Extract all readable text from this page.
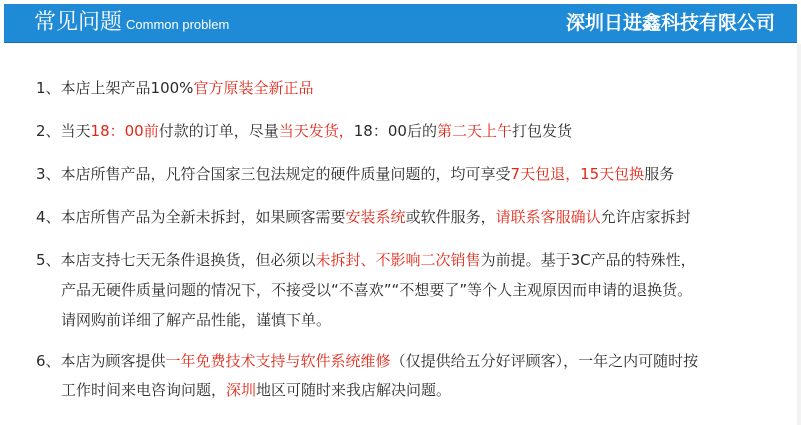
常见问题 Common problem	深圳日进鑫科技有限公司
1、本店上架产品100%官方原装全新正品
2、当天18：00前付款的订单，尽量当天发货，18：00后的第二天上午打包发货
3、本店所售产品，凡符合国家三包法规定的硬件质量问题的，均可享受7天包退，15天包换服务
4、本店所售产品为全新未拆封，如果顾客需要安装系统或软件服务，请联系客服确认允许店家拆封
5、本店支持七天无条件退换货，但必须以未拆封、不影响二次销售为前提。基于3C产品的特殊性，
产品无硬件质量问题的情况下，不接受以“不喜欢”“不想要了”等个人主观原因而申请的退换货。
请网购前详细了解产品性能，谨慎下单。
6、本店为顾客提供一年免费技术支持与软件系统维修（仅提供给五分好评顾客），一年之内可随时按
工作时间来电咨询问题，深圳地区可随时来我店解决问题。
